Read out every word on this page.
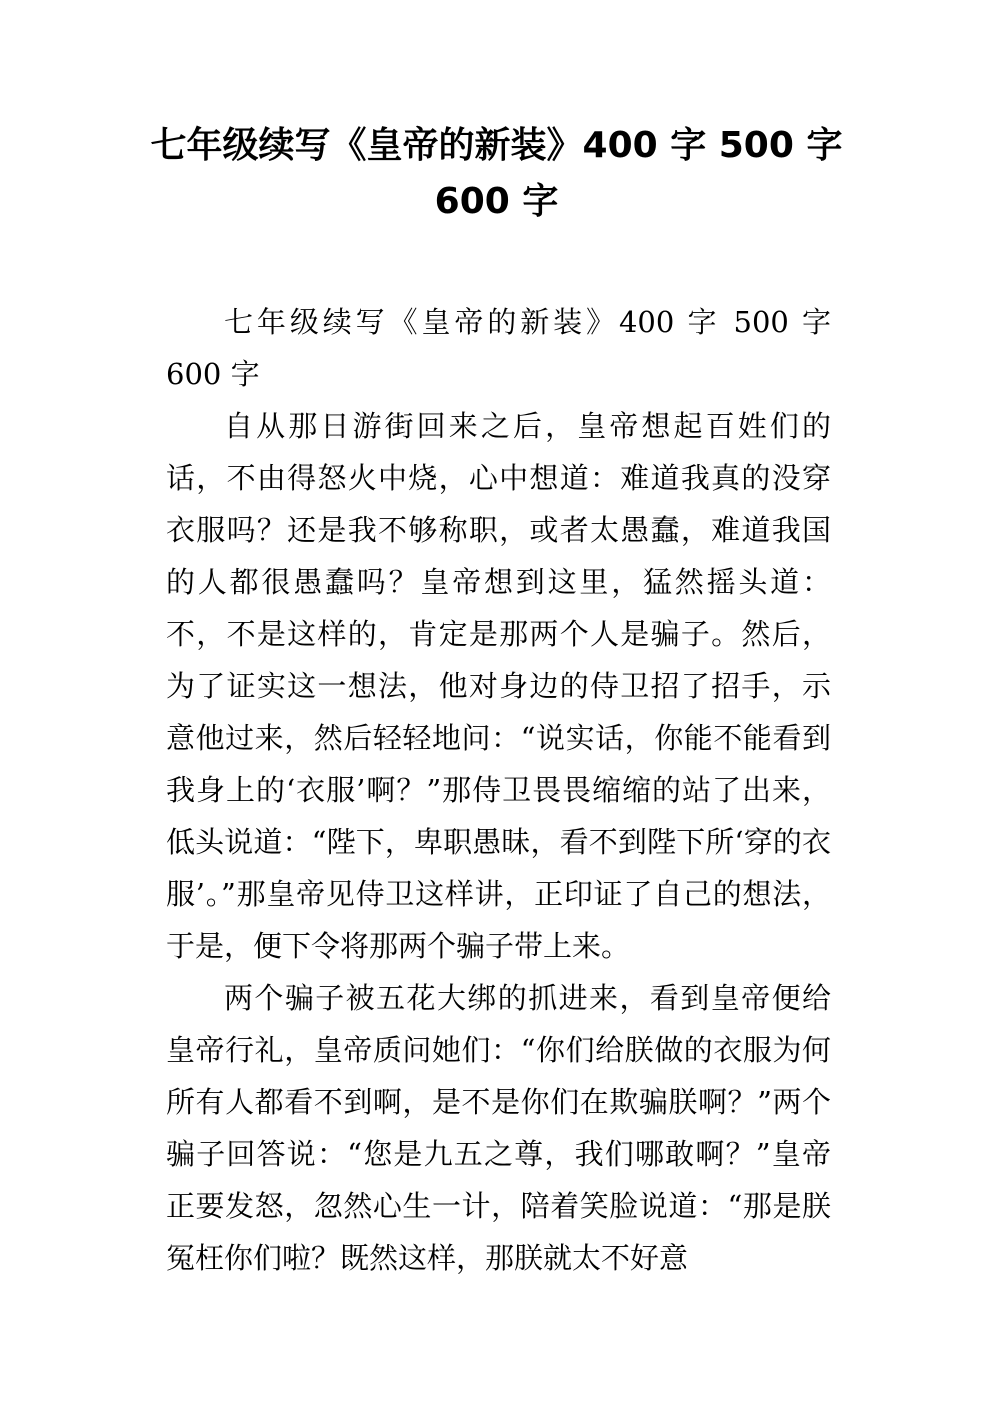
七年级续写《皇帝的新装》400 字 500 字 600 字

七年级续写《皇帝的新装》400 字 500 字 600 字

自从那日游街回来之后，皇帝想起百姓们的话，不由得怒火中烧，心中想道：难道我真的没穿衣服吗？还是我不够称职，或者太愚蠢，难道我国的人都很愚蠢吗？皇帝想到这里，猛然摇头道：不，不是这样的，肯定是那两个人是骗子。然后，为了证实这一想法，他对身边的侍卫招了招手，示意他过来，然后轻轻地问：“说实话，你能不能看到我身上的‘衣服’啊？”那侍卫畏畏缩缩的站了出来，低头说道：“陛下，卑职愚昧，看不到陛下所‘穿的衣服’。”那皇帝见侍卫这样讲，正印证了自己的想法，于是，便下令将那两个骗子带上来。

两个骗子被五花大绑的抓进来，看到皇帝便给皇帝行礼，皇帝质问她们：“你们给朕做的衣服为何所有人都看不到啊，是不是你们在欺骗朕啊？”两个骗子回答说：“您是九五之尊，我们哪敢啊？”皇帝正要发怒，忽然心生一计，陪着笑脸说道：“那是朕冤枉你们啦？既然这样，那朕就太不好意
